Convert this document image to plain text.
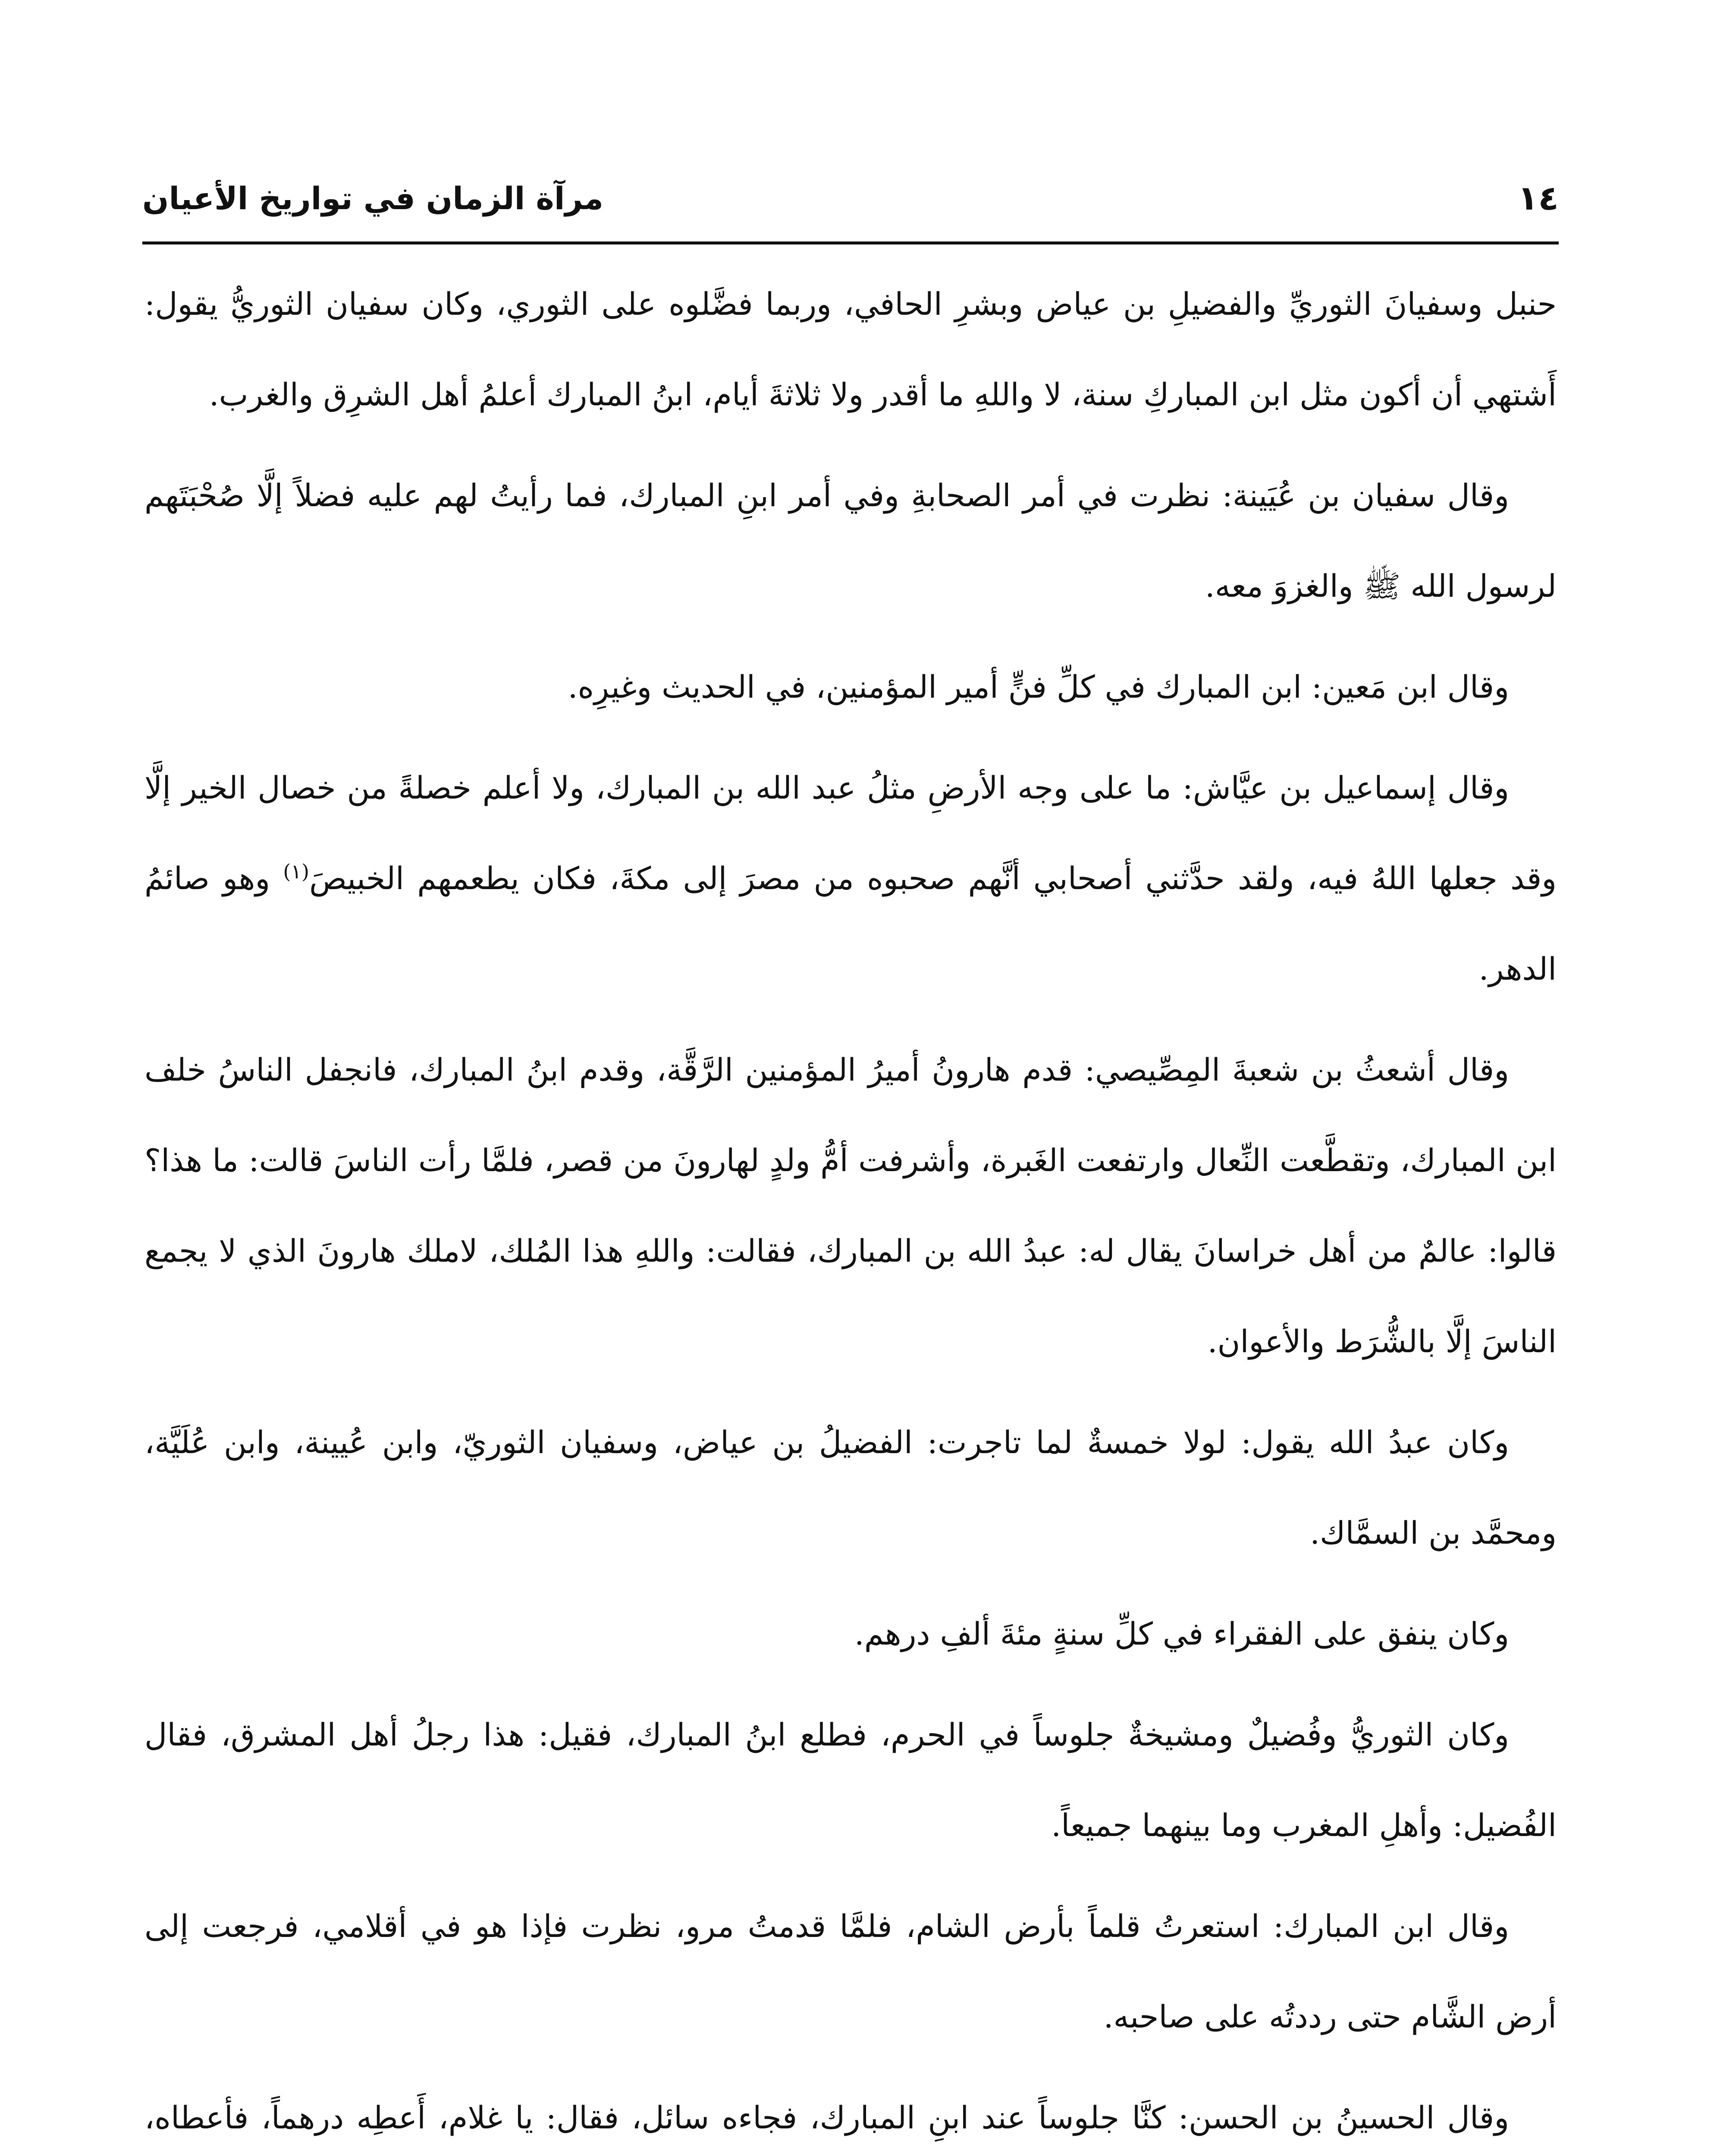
١٤
مرآة الزمان في تواريخ الأعيان

حنبل وسفيانَ الثوريِّ والفضيلِ بن عياض وبشرِ الحافي، وربما فضَّلوه على الثوري، وكان سفيان الثوريُّ يقول: أَشتهي أن أكون مثل ابن المباركِ سنة، لا واللهِ ما أقدر ولا ثلاثةَ أيام، ابنُ المبارك أعلمُ أهل الشرِق والغرب.

وقال سفيان بن عُيَينة: نظرت في أمر الصحابةِ وفي أمر ابنِ المبارك، فما رأيتُ لهم عليه فضلاً إلَّا صُحْبَتَهم لرسول الله ﷺ والغزوَ معه.

وقال ابن مَعين: ابن المبارك في كلِّ فنٍّ أمير المؤمنين، في الحديث وغيرِه.

وقال إسماعيل بن عيَّاش: ما على وجه الأرضِ مثلُ عبد الله بن المبارك، ولا أعلم خصلةً من خصال الخير إلَّا وقد جعلها اللهُ فيه، ولقد حدَّثني أصحابي أنَّهم صحبوه من مصرَ إلى مكةَ، فكان يطعمهم الخبيصَ$^{(١)}$ وهو صائمُ الدهر.

وقال أشعثُ بن شعبةَ المِصِّيصي: قدم هارونُ أميرُ المؤمنين الرَّقَّة، وقدم ابنُ المبارك، فانجفل الناسُ خلف ابن المبارك، وتقطَّعت النِّعال وارتفعت الغَبرة، وأشرفت أمُّ ولدٍ لهارونَ من قصر، فلمَّا رأت الناسَ قالت: ما هذا؟ قالوا: عالمٌ من أهل خراسانَ يقال له: عبدُ الله بن المبارك، فقالت: واللهِ هذا المُلك، لاملك هارونَ الذي لا يجمع الناسَ إلَّا بالشُّرَط والأعوان.

وكان عبدُ الله يقول: لولا خمسةٌ لما تاجرت: الفضيلُ بن عياض، وسفيان الثوريّ، وابن عُيينة، وابن عُلَيَّة، ومحمَّد بن السمَّاك.

وكان ينفق على الفقراء في كلِّ سنةٍ مئةَ ألفِ درهم.

وكان الثوريُّ وفُضيلٌ ومشيخةٌ جلوساً في الحرم، فطلع ابنُ المبارك، فقيل: هذا رجلُ أهل المشرق، فقال الفُضيل: وأهلِ المغرب وما بينهما جميعاً.

وقال ابن المبارك: استعرتُ قلماً بأرض الشام، فلمَّا قدمتُ مرو، نظرت فإذا هو في أقلامي، فرجعت إلى أرض الشَّام حتى رددتُه على صاحبه.

وقال الحسينُ بن الحسن: كنَّا جلوساً عند ابنِ المبارك، فجاءه سائل، فقال: يا غلام، أَعطِه درهماً، فأعطاه،
